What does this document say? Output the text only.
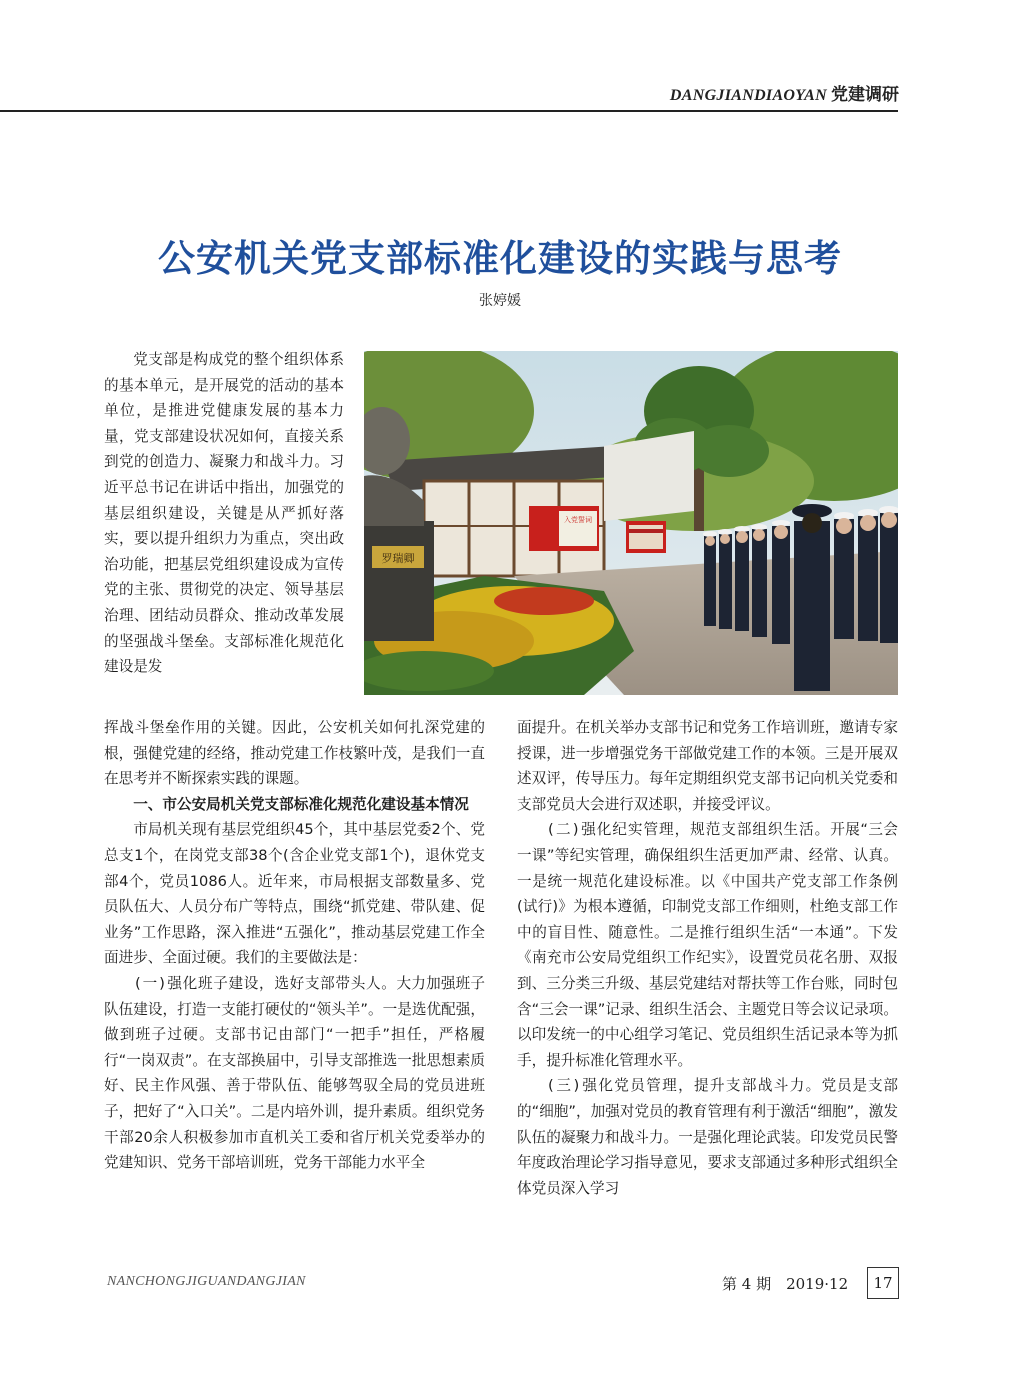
DANGJIANDIAOYAN 党建调研
公安机关党支部标准化建设的实践与思考
张婷媛

党支部是构成党的整个组织体系的基本单元，是开展党的活动的基本单位，是推进党健康发展的基本力量，党支部建设状况如何，直接关系到党的创造力、凝聚力和战斗力。习近平总书记在讲话中指出，加强党的基层组织建设，关键是从严抓好落实，要以提升组织力为重点，突出政治功能，把基层党组织建设成为宣传党的主张、贯彻党的决定、领导基层治理、团结动员群众、推动改革发展的坚强战斗堡垒。支部标准化规范化建设是发

入党誓词
罗瑞卿

挥战斗堡垒作用的关键。因此，公安机关如何扎深党建的根，强健党建的经络，推动党建工作枝繁叶茂，是我们一直在思考并不断探索实践的课题。

一、市公安局机关党支部标准化规范化建设基本情况

市局机关现有基层党组织45个，其中基层党委2个、党总支1个，在岗党支部38个(含企业党支部1个)，退休党支部4个，党员1086人。近年来，市局根据支部数量多、党员队伍大、人员分布广等特点，围绕“抓党建、带队建、促业务”工作思路，深入推进“五强化”，推动基层党建工作全面进步、全面过硬。我们的主要做法是：

(一)强化班子建设，选好支部带头人。大力加强班子队伍建设，打造一支能打硬仗的“领头羊”。一是选优配强，做到班子过硬。支部书记由部门“一把手”担任，严格履行“一岗双责”。在支部换届中，引导支部推选一批思想素质好、民主作风强、善于带队伍、能够驾驭全局的党员进班子，把好了“入口关”。二是内培外训，提升素质。组织党务干部20余人积极参加市直机关工委和省厅机关党委举办的党建知识、党务干部培训班，党务干部能力水平全

面提升。在机关举办支部书记和党务工作培训班，邀请专家授课，进一步增强党务干部做党建工作的本领。三是开展双述双评，传导压力。每年定期组织党支部书记向机关党委和支部党员大会进行双述职，并接受评议。

(二)强化纪实管理，规范支部组织生活。开展“三会一课”等纪实管理，确保组织生活更加严肃、经常、认真。一是统一规范化建设标准。以《中国共产党支部工作条例(试行)》为根本遵循，印制党支部工作细则，杜绝支部工作中的盲目性、随意性。二是推行组织生活“一本通”。下发《南充市公安局党组织工作纪实》，设置党员花名册、双报到、三分类三升级、基层党建结对帮扶等工作台账，同时包含“三会一课”记录、组织生活会、主题党日等会议记录项。以印发统一的中心组学习笔记、党员组织生活记录本等为抓手，提升标准化管理水平。

(三)强化党员管理，提升支部战斗力。党员是支部的“细胞”，加强对党员的教育管理有利于激活“细胞”，激发队伍的凝聚力和战斗力。一是强化理论武装。印发党员民警年度政治理论学习指导意见，要求支部通过多种形式组织全体党员深入学习

NANCHONGJIGUANDANGJIAN	第 4 期　2019·12	17
